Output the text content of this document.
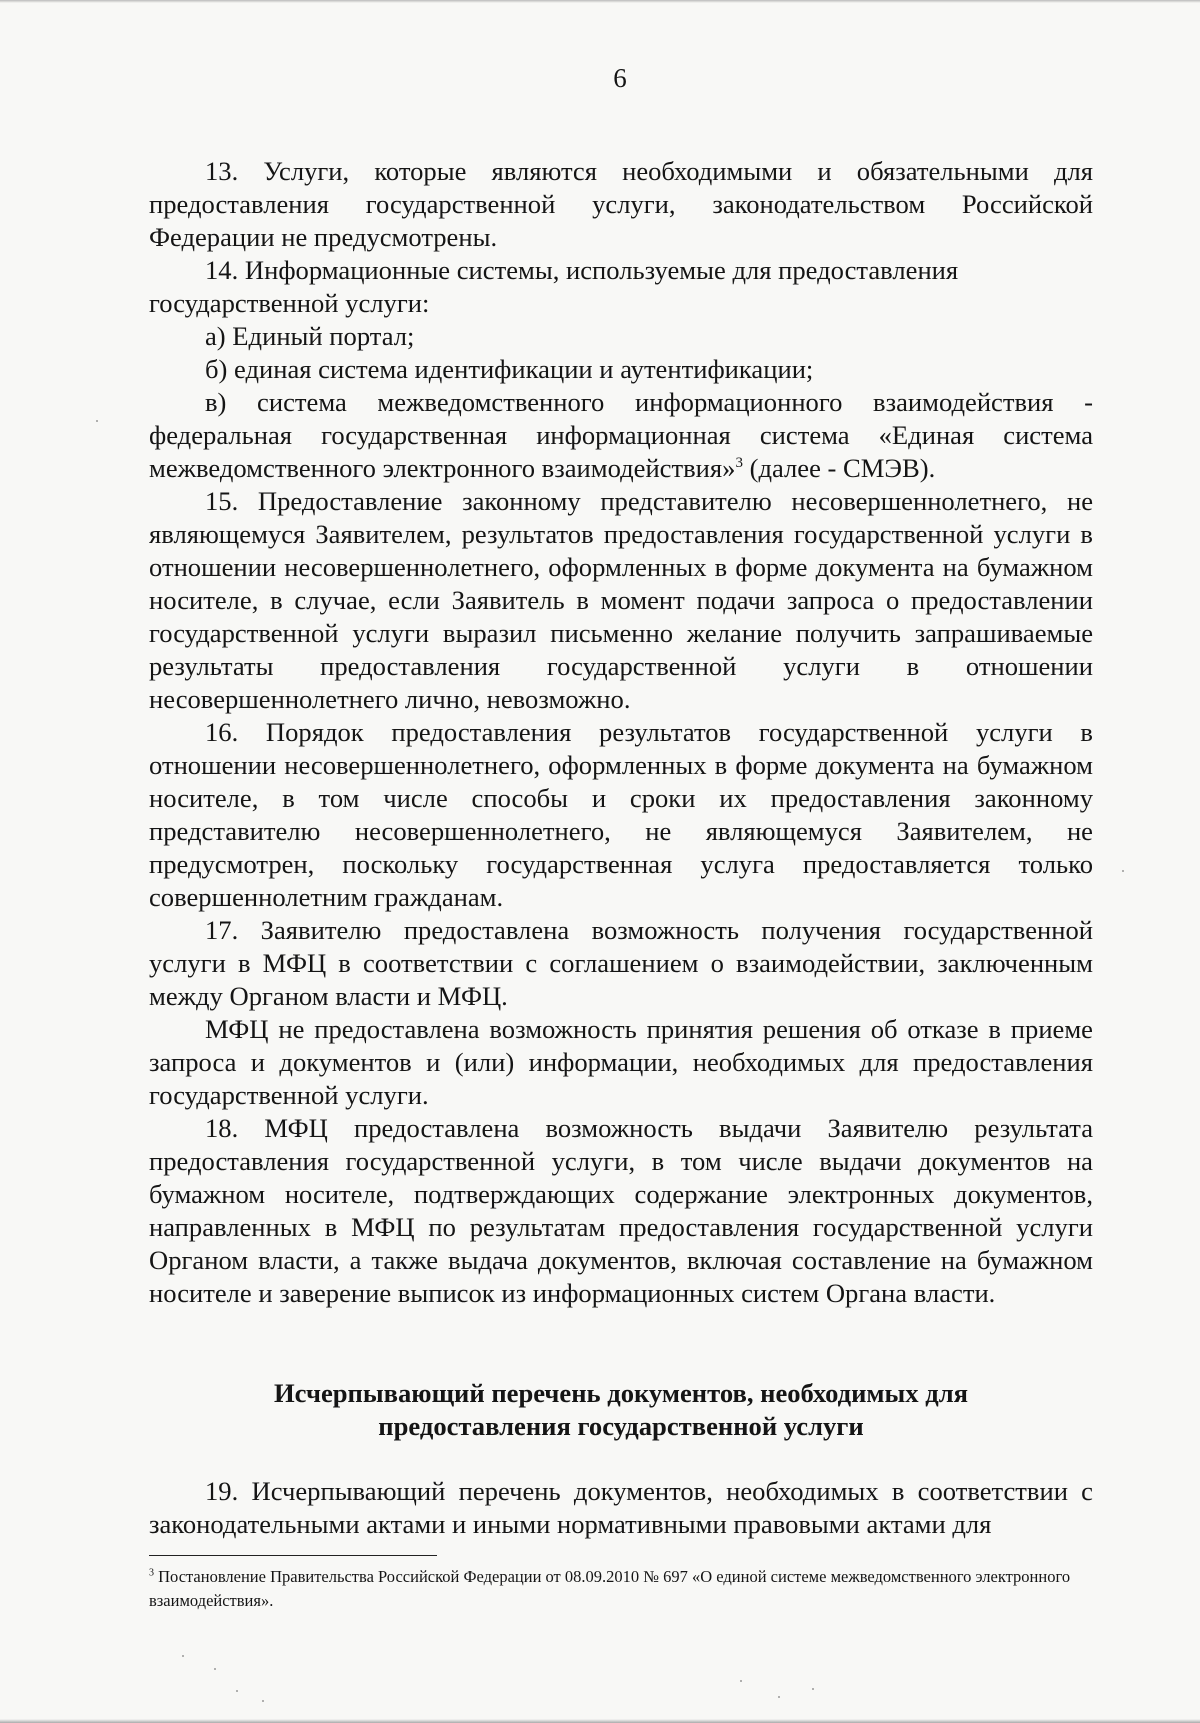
6

13. Услуги, которые являются необходимыми и обязательными для предоставления государственной услуги, законодательством Российской Федерации не предусмотрены.

14. Информационные системы, используемые для предоставления государственной услуги:

а) Единый портал;

б) единая система идентификации и аутентификации;

в) система межведомственного информационного взаимодействия - федеральная государственная информационная система «Единая система межведомственного электронного взаимодействия»$^3$ (далее - СМЭВ).

15. Предоставление законному представителю несовершеннолетнего, не являющемуся Заявителем, результатов предоставления государственной услуги в отношении несовершеннолетнего, оформленных в форме документа на бумажном носителе, в случае, если Заявитель в момент подачи запроса о предоставлении государственной услуги выразил письменно желание получить запрашиваемые результаты предоставления государственной услуги в отношении несовершеннолетнего лично, невозможно.

16. Порядок предоставления результатов государственной услуги в отношении несовершеннолетнего, оформленных в форме документа на бумажном носителе, в том числе способы и сроки их предоставления законному представителю несовершеннолетнего, не являющемуся Заявителем, не предусмотрен, поскольку государственная услуга предоставляется только совершеннолетним гражданам.

17. Заявителю предоставлена возможность получения государственной услуги в МФЦ в соответствии с соглашением о взаимодействии, заключенным между Органом власти и МФЦ.

МФЦ не предоставлена возможность принятия решения об отказе в приеме запроса и документов и (или) информации, необходимых для предоставления государственной услуги.

18. МФЦ предоставлена возможность выдачи Заявителю результата предоставления государственной услуги, в том числе выдачи документов на бумажном носителе, подтверждающих содержание электронных документов, направленных в МФЦ по результатам предоставления государственной услуги Органом власти, а также выдача документов, включая составление на бумажном носителе и заверение выписок из информационных систем Органа власти.

Исчерпывающий перечень документов, необходимых для
предоставления государственной услуги

19. Исчерпывающий перечень документов, необходимых в соответствии с законодательными актами и иными нормативными правовыми актами для

$^3$ Постановление Правительства Российской Федерации от 08.09.2010 № 697 «О единой системе межведомственного электронного взаимодействия».
